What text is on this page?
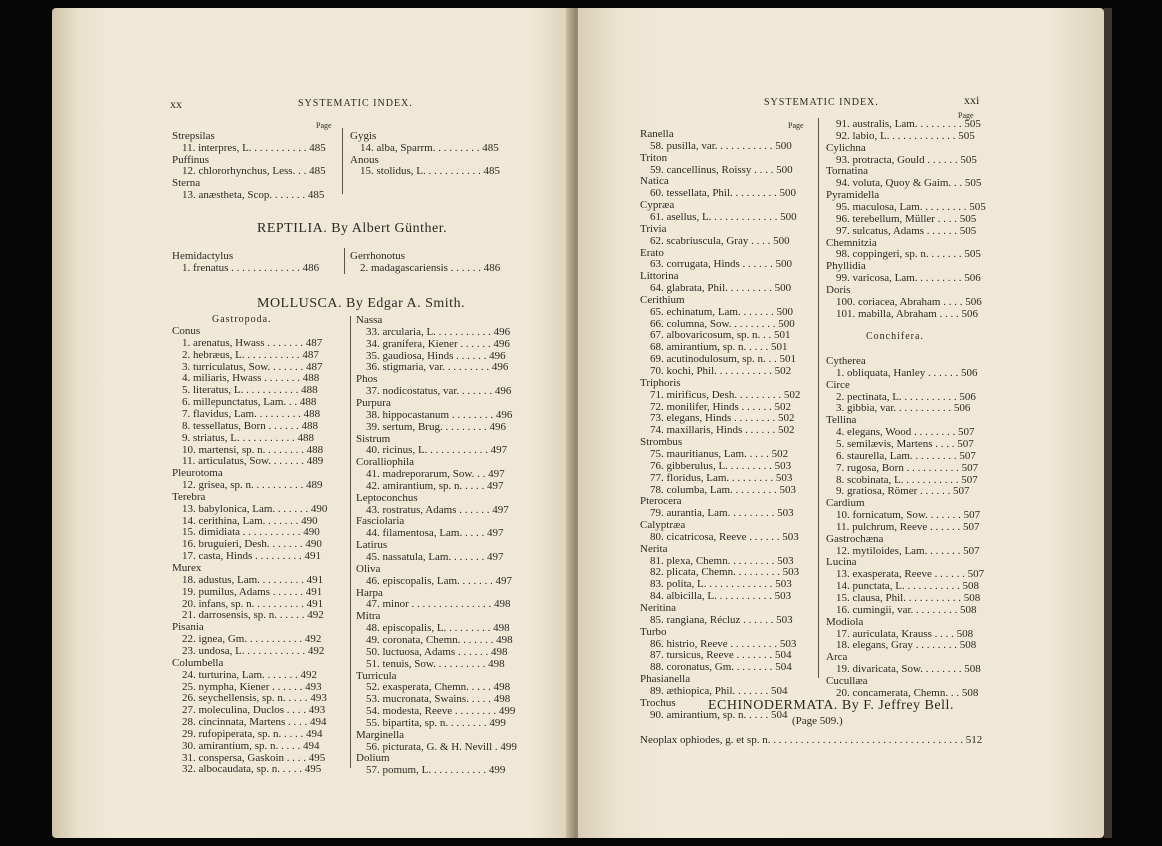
xx	SYSTEMATIC INDEX.
Page
REPTILIA. By Albert Günther.
MOLLUSCA. By Edgar A. Smith.
Gastropoda.
Strepsilas
11. interpres, L. . . . . . . . . . . 485
Puffinus
12. chlororhynchus, Less. . . 485
Sterna
13. anæstheta, Scop. . . . . . . 485
Gygis
14. alba, Sparrm. . . . . . . . . 485
Anous
15. stolidus, L. . . . . . . . . . . 485
Hemidactylus
1. frenatus . . . . . . . . . . . . . 486
Gerrhonotus
2. madagascariensis . . . . . . 486
Conus
1. arenatus, Hwass . . . . . . . 487
2. hebræus, L. . . . . . . . . . . 487
3. turriculatus, Sow. . . . . . . 487
4. miliaris, Hwass . . . . . . . 488
5. literatus, L. . . . . . . . . . . 488
6. millepunctatus, Lam. . . 488
7. flavidus, Lam. . . . . . . . . 488
8. tessellatus, Born . . . . . . 488
9. striatus, L. . . . . . . . . . . 488
10. martensi, sp. n. . . . . . . . 488
11. articulatus, Sow. . . . . . . 489
Pleurotoma
12. grisea, sp. n. . . . . . . . . . 489
Terebra
13. babylonica, Lam. . . . . . . 490
14. cerithina, Lam. . . . . . . 490
15. dimidiata . . . . . . . . . . . 490
16. bruguieri, Desh. . . . . . . 490
17. casta, Hinds . . . . . . . . . 491
Murex
18. adustus, Lam. . . . . . . . . 491
19. pumilus, Adams . . . . . . 491
20. infans, sp. n. . . . . . . . . . 491
21. darrosensis, sp. n. . . . . . 492
Pisania
22. ignea, Gm. . . . . . . . . . . 492
23. undosa, L. . . . . . . . . . . . 492
Columbella
24. turturina, Lam. . . . . . . 492
25. nympha, Kiener . . . . . . 493
26. seychellensis, sp. n. . . . . 493
27. moleculina, Duclos . . . . 493
28. cincinnata, Martens . . . . 494
29. rufopiperata, sp. n. . . . . 494
30. amirantium, sp. n. . . . . 494
31. conspersa, Gaskoin . . . . 495
32. albocaudata, sp. n. . . . . 495
Nassa
33. arcularia, L. . . . . . . . . . . 496
34. granifera, Kiener . . . . . . 496
35. gaudiosa, Hinds . . . . . . 496
36. stigmaria, var. . . . . . . . . 496
Phos
37. nodicostatus, var. . . . . . . 496
Purpura
38. hippocastanum . . . . . . . . 496
39. sertum, Brug. . . . . . . . . 496
Sistrum
40. ricinus, L. . . . . . . . . . . . 497
Coralliophila
41. madreporarum, Sow. . . 497
42. amirantium, sp. n. . . . . 497
Leptoconchus
43. rostratus, Adams . . . . . . 497
Fasciolaria
44. filamentosa, Lam. . . . . 497
Latirus
45. nassatula, Lam. . . . . . . 497
Oliva
46. episcopalis, Lam. . . . . . . 497
Harpa
47. minor . . . . . . . . . . . . . . . 498
Mitra
48. episcopalis, L. . . . . . . . . 498
49. coronata, Chemn. . . . . . . 498
50. luctuosa, Adams . . . . . . 498
51. tenuis, Sow. . . . . . . . . . 498
Turricula
52. exasperata, Chemn. . . . . 498
53. mucronata, Swains. . . . . 498
54. modesta, Reeve . . . . . . . . 499
55. bipartita, sp. n. . . . . . . . 499
Marginella
56. picturata, G. & H. Nevill . 499
Dolium
57. pomum, L. . . . . . . . . . . 499
SYSTEMATIC INDEX.	xxi
Page
Page
ECHINODERMATA. By F. Jeffrey Bell.
(Page 509.)
Neoplax ophiodes, g. et sp. n. . . . . . . . . . . . . . . . . . . . . . . . . . . . . . . . . . . . 512
Ranella
58. pusilla, var. . . . . . . . . . . 500
Triton
59. cancellinus, Roissy . . . . 500
Natica
60. tessellata, Phil. . . . . . . . . 500
Cypræa
61. asellus, L. . . . . . . . . . . . . 500
Trivia
62. scabriuscula, Gray . . . . 500
Erato
63. corrugata, Hinds . . . . . . 500
Littorina
64. glabrata, Phil. . . . . . . . . 500
Cerithium
65. echinatum, Lam. . . . . . . 500
66. columna, Sow. . . . . . . . . 500
67. albovaricosum, sp. n. . . 501
68. amirantium, sp. n. . . . . 501
69. acutinodulosum, sp. n. . . 501
70. kochi, Phil. . . . . . . . . . . 502
Triphoris
71. mirificus, Desh. . . . . . . . . 502
72. monilifer, Hinds . . . . . . 502
73. elegans, Hinds . . . . . . . . 502
74. maxillaris, Hinds . . . . . . 502
Strombus
75. mauritianus, Lam. . . . . 502
76. gibberulus, L. . . . . . . . . 503
77. floridus, Lam. . . . . . . . . 503
78. columba, Lam. . . . . . . . . 503
Pterocera
79. aurantia, Lam. . . . . . . . . 503
Calyptræa
80. cicatricosa, Reeve . . . . . . 503
Nerita
81. plexa, Chemn. . . . . . . . . 503
82. plicata, Chemn. . . . . . . . . 503
83. polita, L. . . . . . . . . . . . . 503
84. albicilla, L. . . . . . . . . . . 503
Neritina
85. rangiana, Récluz . . . . . . 503
Turbo
86. histrio, Reeve . . . . . . . . . 503
87. tursicus, Reeve . . . . . . . 504
88. coronatus, Gm. . . . . . . . 504
Phasianella
89. æthiopica, Phil. . . . . . . 504
Trochus
90. amirantium, sp. n. . . . . 504
91. australis, Lam. . . . . . . . . 505
92. labio, L. . . . . . . . . . . . . 505
Cylichna
93. protracta, Gould . . . . . . 505
Tornatina
94. voluta, Quoy & Gaim. . . 505
Pyramidella
95. maculosa, Lam. . . . . . . . . 505
96. terebellum, Müller . . . . 505
97. sulcatus, Adams . . . . . . 505
Chemnitzia
98. coppingeri, sp. n. . . . . . . 505
Phyllidia
99. varicosa, Lam. . . . . . . . . 506
Doris
100. coriacea, Abraham . . . . 506
101. mabilla, Abraham . . . . 506
Conchifera.
Cytherea
1. obliquata, Hanley . . . . . . 506
Circe
2. pectinata, L. . . . . . . . . . . 506
3. gibbia, var. . . . . . . . . . . 506
Tellina
4. elegans, Wood . . . . . . . . 507
5. semilævis, Martens . . . . 507
6. staurella, Lam. . . . . . . . . 507
7. rugosa, Born . . . . . . . . . . 507
8. scobinata, L. . . . . . . . . . . 507
9. gratiosa, Römer . . . . . . 507
Cardium
10. fornicatum, Sow. . . . . . . 507
11. pulchrum, Reeve . . . . . . 507
Gastrochæna
12. mytiloides, Lam. . . . . . . 507
Lucina
13. exasperata, Reeve . . . . . . 507
14. punctata, L. . . . . . . . . . . 508
15. clausa, Phil. . . . . . . . . . . 508
16. cumingii, var. . . . . . . . . 508
Modiola
17. auriculata, Krauss . . . . 508
18. elegans, Gray . . . . . . . . 508
Arca
19. divaricata, Sow. . . . . . . . 508
Cucullæa
20. concamerata, Chemn. . . 508
